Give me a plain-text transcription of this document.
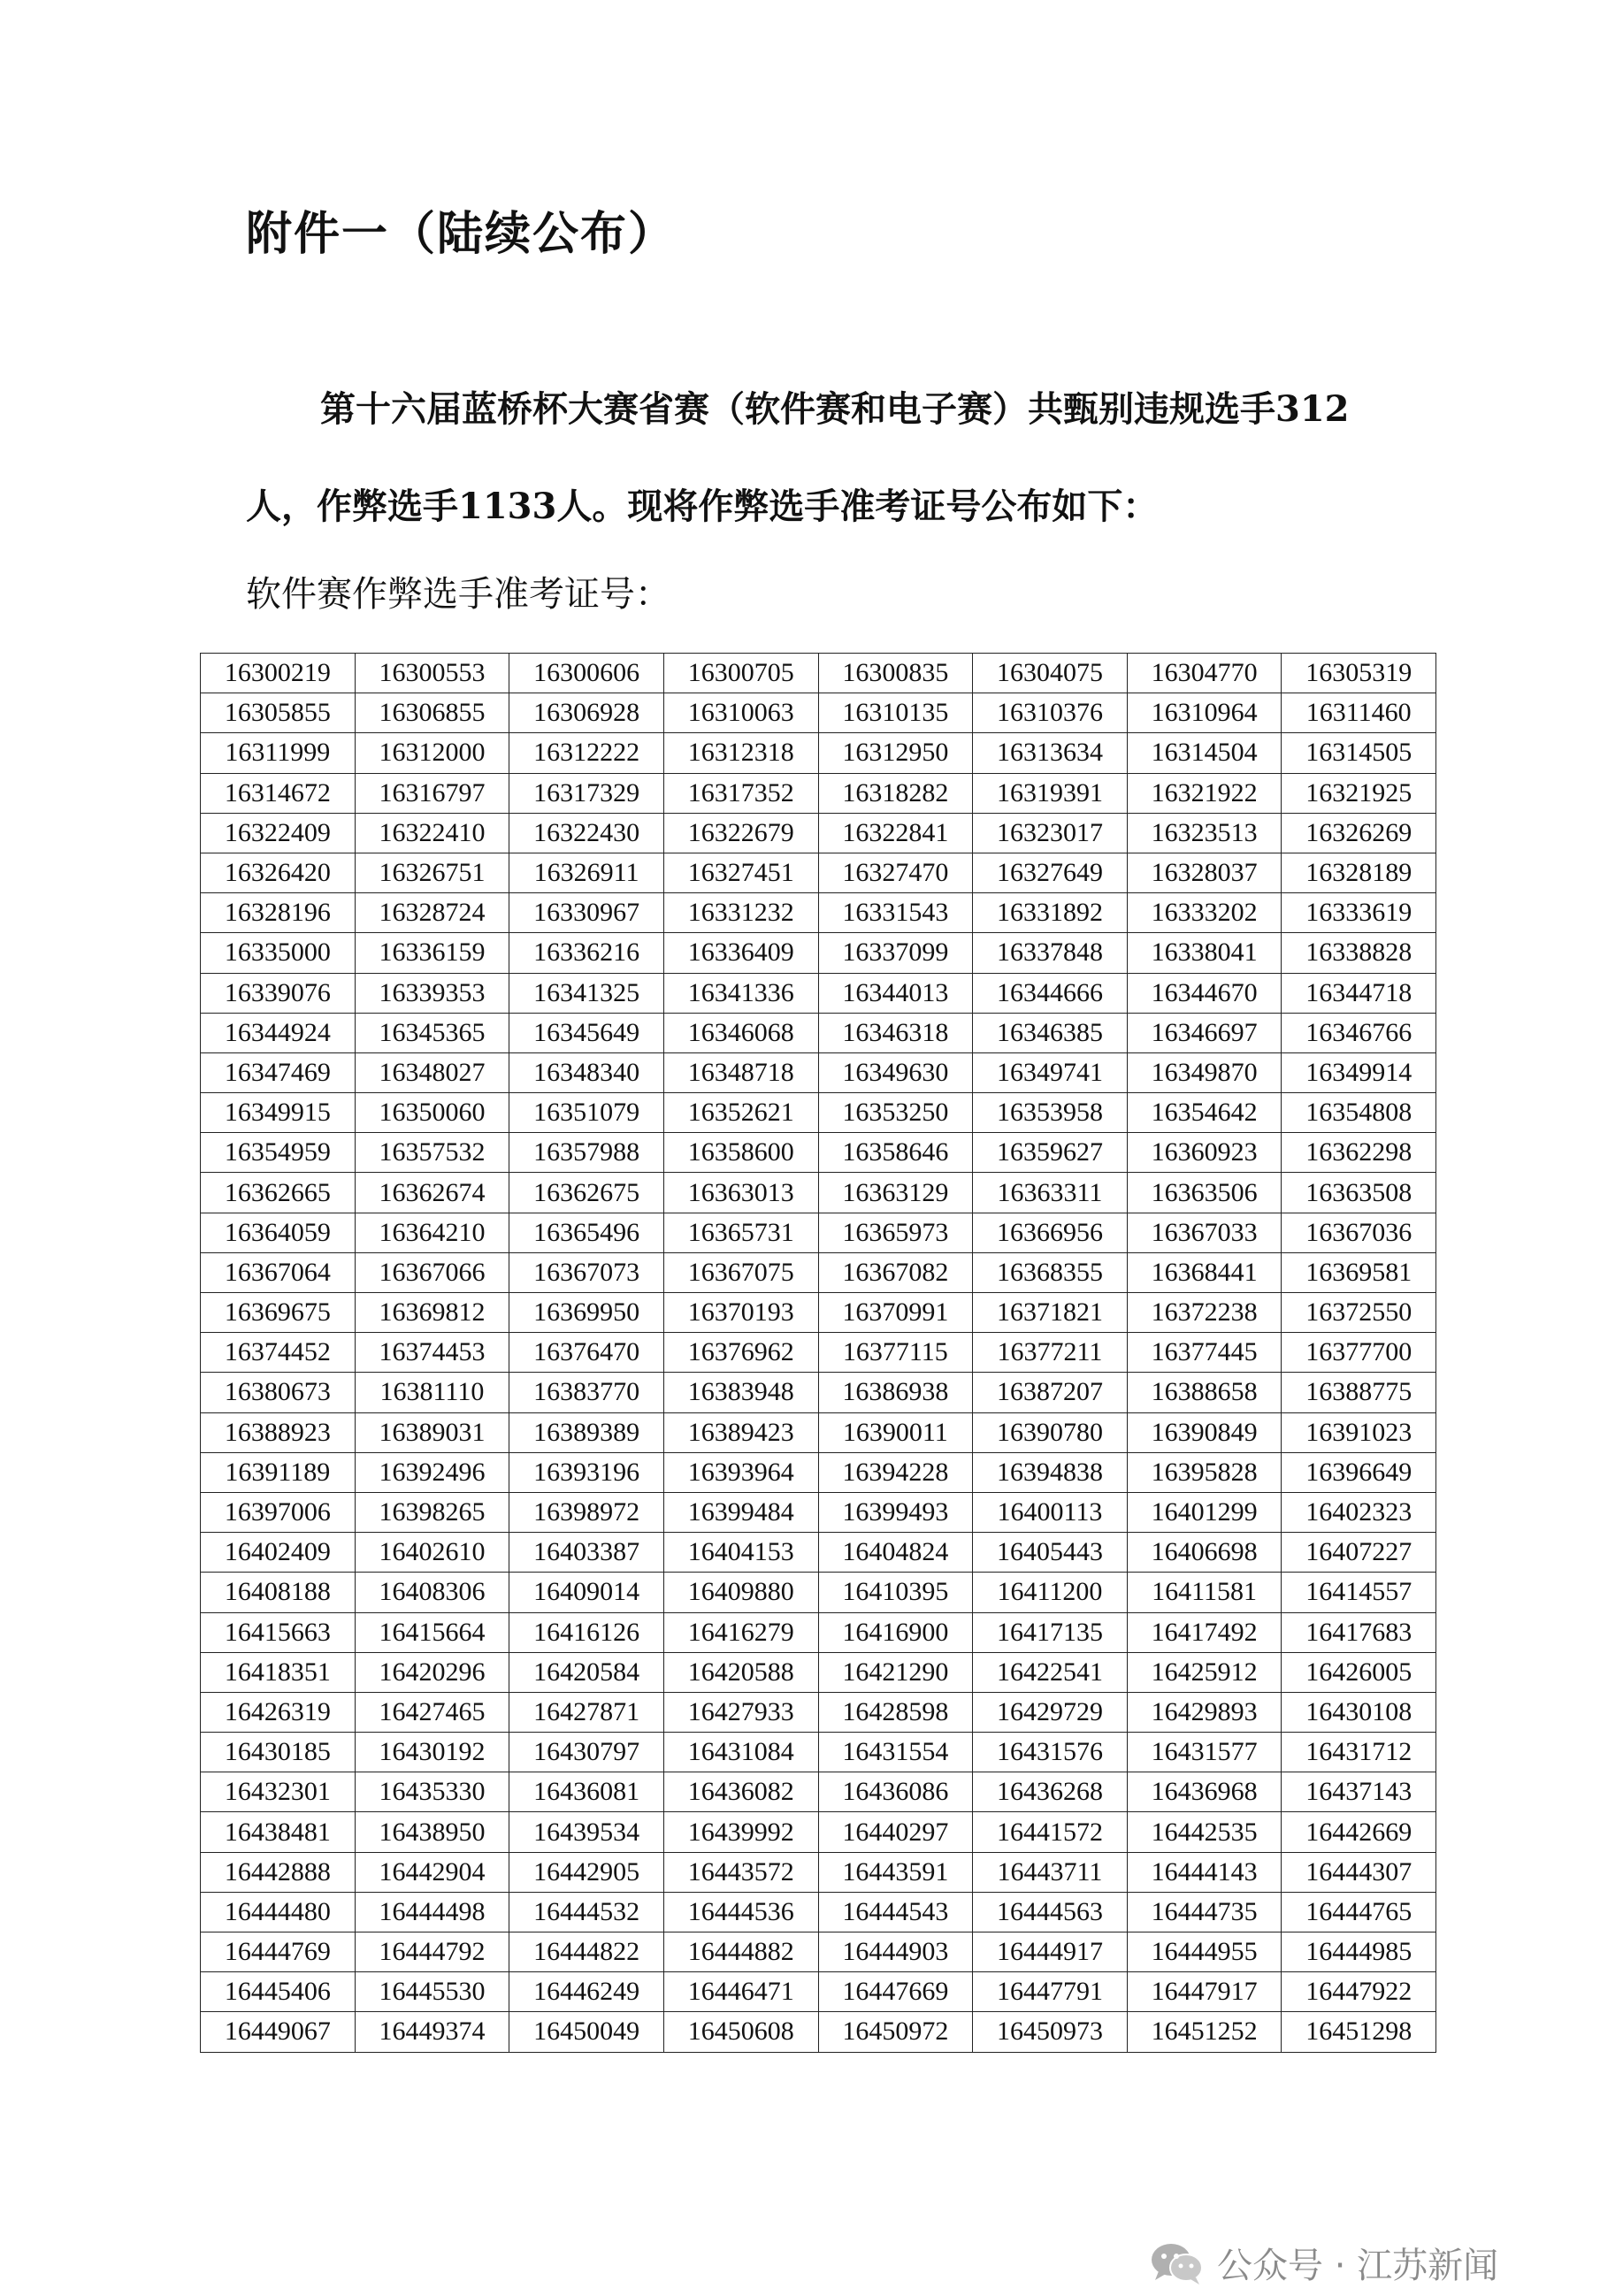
附件一（陆续公布）
第十六届蓝桥杯大赛省赛（软件赛和电子赛）共甄别违规选手312人，作弊选手1133人。现将作弊选手准考证号公布如下：
软件赛作弊选手准考证号：
16300219	16300553	16300606	16300705	16300835	16304075	16304770	16305319
16305855	16306855	16306928	16310063	16310135	16310376	16310964	16311460
16311999	16312000	16312222	16312318	16312950	16313634	16314504	16314505
16314672	16316797	16317329	16317352	16318282	16319391	16321922	16321925
16322409	16322410	16322430	16322679	16322841	16323017	16323513	16326269
16326420	16326751	16326911	16327451	16327470	16327649	16328037	16328189
16328196	16328724	16330967	16331232	16331543	16331892	16333202	16333619
16335000	16336159	16336216	16336409	16337099	16337848	16338041	16338828
16339076	16339353	16341325	16341336	16344013	16344666	16344670	16344718
16344924	16345365	16345649	16346068	16346318	16346385	16346697	16346766
16347469	16348027	16348340	16348718	16349630	16349741	16349870	16349914
16349915	16350060	16351079	16352621	16353250	16353958	16354642	16354808
16354959	16357532	16357988	16358600	16358646	16359627	16360923	16362298
16362665	16362674	16362675	16363013	16363129	16363311	16363506	16363508
16364059	16364210	16365496	16365731	16365973	16366956	16367033	16367036
16367064	16367066	16367073	16367075	16367082	16368355	16368441	16369581
16369675	16369812	16369950	16370193	16370991	16371821	16372238	16372550
16374452	16374453	16376470	16376962	16377115	16377211	16377445	16377700
16380673	16381110	16383770	16383948	16386938	16387207	16388658	16388775
16388923	16389031	16389389	16389423	16390011	16390780	16390849	16391023
16391189	16392496	16393196	16393964	16394228	16394838	16395828	16396649
16397006	16398265	16398972	16399484	16399493	16400113	16401299	16402323
16402409	16402610	16403387	16404153	16404824	16405443	16406698	16407227
16408188	16408306	16409014	16409880	16410395	16411200	16411581	16414557
16415663	16415664	16416126	16416279	16416900	16417135	16417492	16417683
16418351	16420296	16420584	16420588	16421290	16422541	16425912	16426005
16426319	16427465	16427871	16427933	16428598	16429729	16429893	16430108
16430185	16430192	16430797	16431084	16431554	16431576	16431577	16431712
16432301	16435330	16436081	16436082	16436086	16436268	16436968	16437143
16438481	16438950	16439534	16439992	16440297	16441572	16442535	16442669
16442888	16442904	16442905	16443572	16443591	16443711	16444143	16444307
16444480	16444498	16444532	16444536	16444543	16444563	16444735	16444765
16444769	16444792	16444822	16444882	16444903	16444917	16444955	16444985
16445406	16445530	16446249	16446471	16447669	16447791	16447917	16447922
16449067	16449374	16450049	16450608	16450972	16450973	16451252	16451298
公众号 · 江苏新闻
